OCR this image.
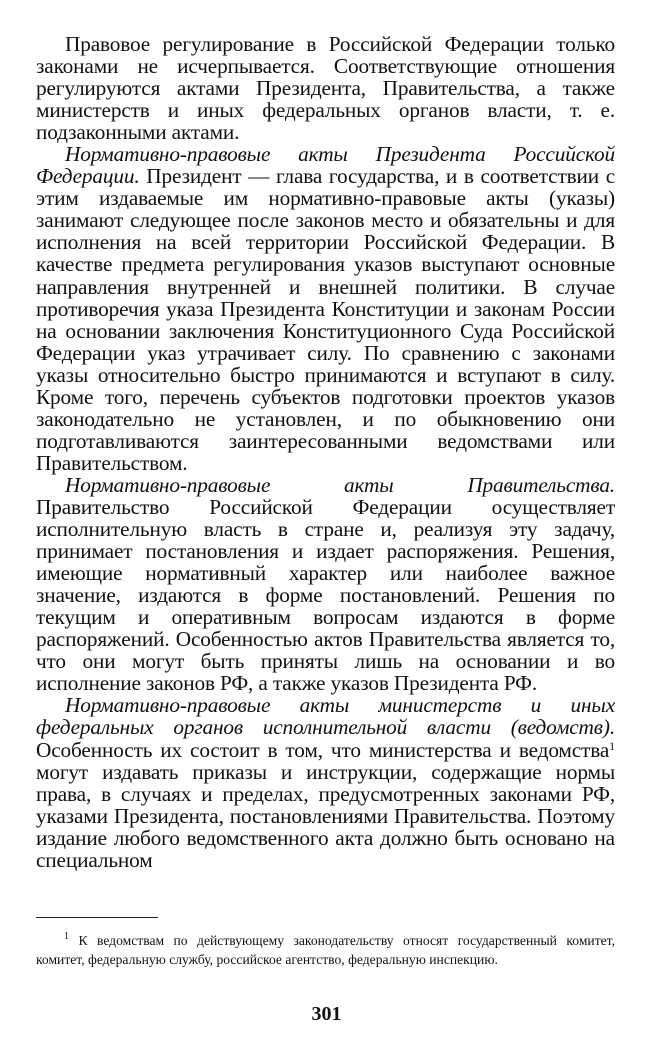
Правовое регулирование в Российской Федерации только законами не исчерпывается. Соответствующие отношения регулируются актами Президента, Правительства, а также министерств и иных федеральных органов власти, т. е. подзаконными актами.

Нормативно-правовые акты Президента Российской Федерации. Президент — глава государства, и в соответствии с этим издаваемые им нормативно-правовые акты (указы) занимают следующее после законов место и обязательны и для исполнения на всей территории Российской Федерации. В качестве предмета регулирования указов выступают основные направления внутренней и внешней политики. В случае противоречия указа Президента Конституции и законам России на основании заключения Конституционного Суда Российской Федерации указ утрачивает силу. По сравнению с законами указы относительно быстро принимаются и вступают в силу. Кроме того, перечень субъектов подготовки проектов указов законодательно не установлен, и по обыкновению они подготавливаются заинтересованными ведомствами или Правительством.

Нормативно-правовые акты Правительства. Правительство Российской Федерации осуществляет исполнительную власть в стране и, реализуя эту задачу, принимает постановления и издает распоряжения. Решения, имеющие нормативный характер или наиболее важное значение, издаются в форме постановлений. Решения по текущим и оперативным вопросам издаются в форме распоряжений. Особенностью актов Правительства является то, что они могут быть приняты лишь на основании и во исполнение законов РФ, а также указов Президента РФ.

Нормативно-правовые акты министерств и иных федеральных органов исполнительной власти (ведомств). Особенность их состоит в том, что министерства и ведомства$^1$ могут издавать приказы и инструкции, содержащие нормы права, в случаях и пределах, предусмотренных законами РФ, указами Президента, постановлениями Правительства. Поэтому издание любого ведомственного акта должно быть основано на специальном

$^1$ К ведомствам по действующему законодательству относят государственный комитет, комитет, федеральную службу, российское агентство, федеральную инспекцию.
301
